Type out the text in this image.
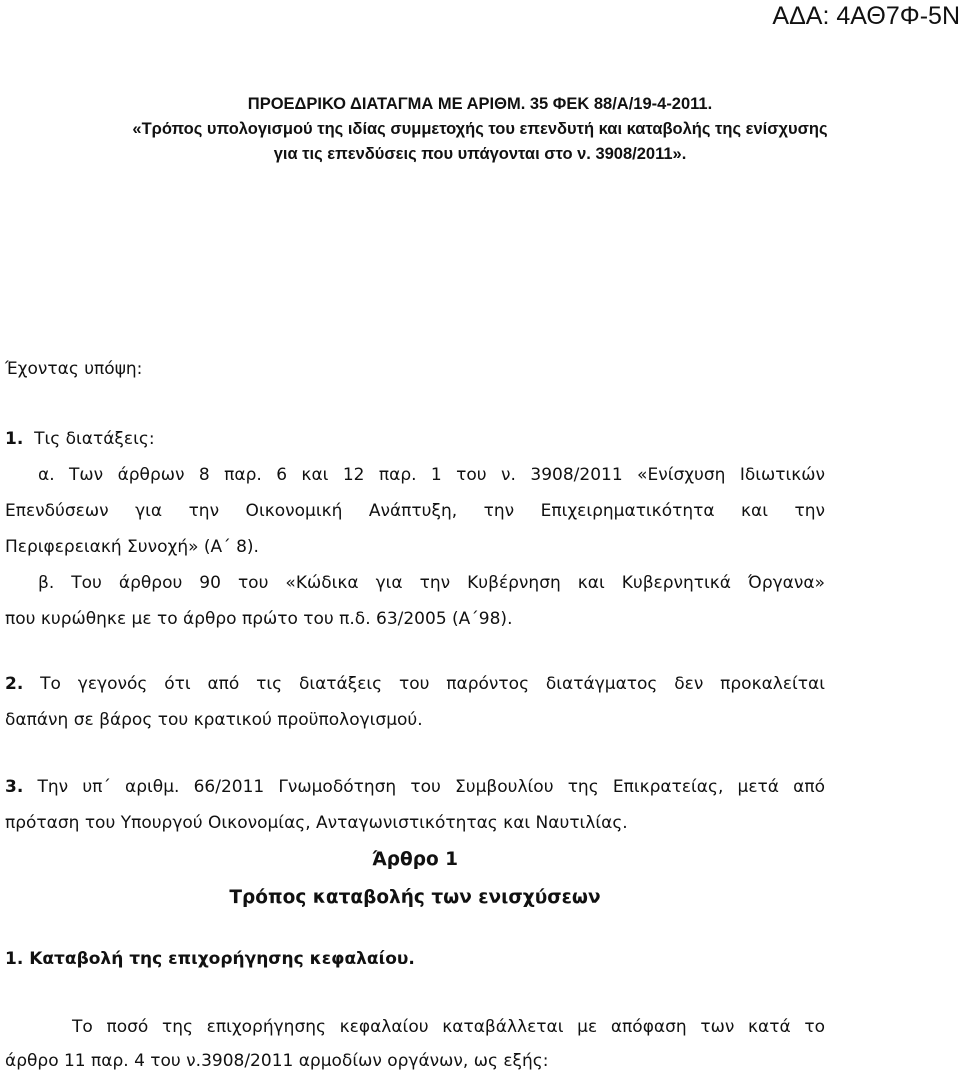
ΑΔΑ: 4ΑΘ7Φ-5Ν
ΠΡΟΕΔΡΙΚΟ ΔΙΑΤΑΓΜΑ ΜΕ ΑΡΙΘΜ. 35 ΦΕΚ 88/Α/19-4-2011.
«Τρόπος υπολογισμού της ιδίας συμμετοχής του επενδυτή και καταβολής της ενίσχυσης
για τις επενδύσεις που υπάγονται στο ν. 3908/2011».
Έχοντας υπόψη:
1. Τις διατάξεις:
α. Των άρθρων 8 παρ. 6 και 12 παρ. 1 του ν. 3908/2011 «Ενίσχυση Ιδιωτικών
Επενδύσεων για την Οικονομική Ανάπτυξη, την Επιχειρηματικότητα και την
Περιφερειακή Συνοχή» (Α΄ 8).
β. Του άρθρου 90 του «Κώδικα για την Κυβέρνηση και Κυβερνητικά Όργανα»
που κυρώθηκε με το άρθρο πρώτο του π.δ. 63/2005 (Α΄98).
2. Το γεγονός ότι από τις διατάξεις του παρόντος διατάγματος δεν προκαλείται
δαπάνη σε βάρος του κρατικού προϋπολογισμού.
3. Την υπ΄ αριθμ. 66/2011 Γνωμοδότηση του Συμβουλίου της Επικρατείας, μετά από
πρόταση του Υπουργού Οικονομίας, Ανταγωνιστικότητας και Ναυτιλίας.
Άρθρο 1
Τρόπος καταβολής των ενισχύσεων
1. Καταβολή της επιχορήγησης κεφαλαίου.
Το ποσό της επιχορήγησης κεφαλαίου καταβάλλεται με απόφαση των κατά το
άρθρο 11 παρ. 4 του ν.3908/2011 αρμοδίων οργάνων, ως εξής:
